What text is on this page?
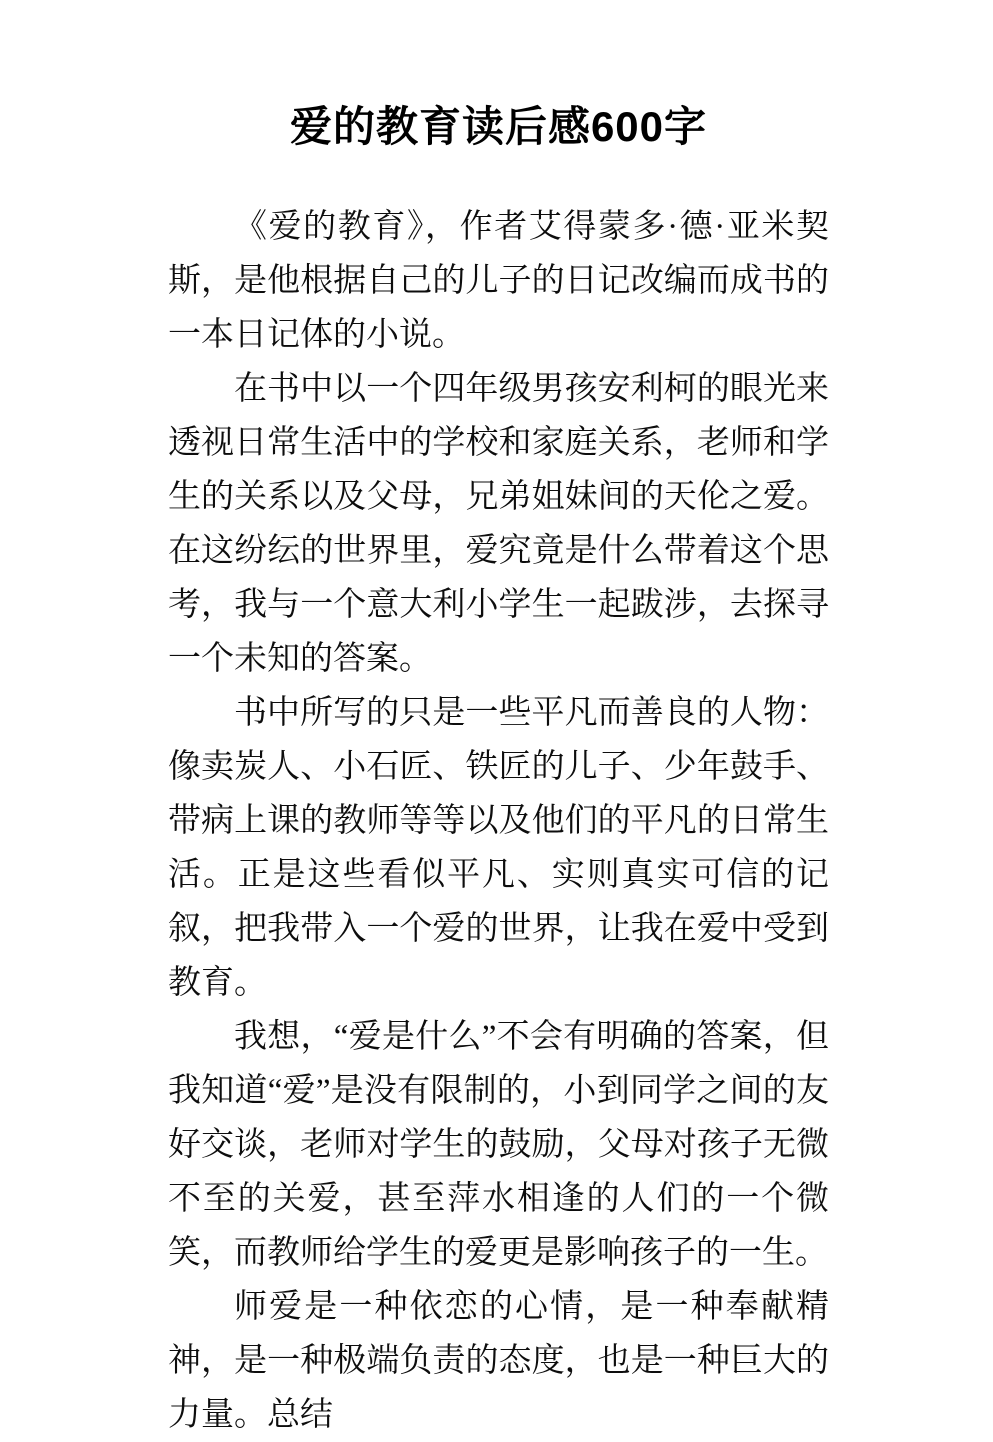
爱的教育读后感600字

《爱的教育》，作者艾得蒙多·德·亚米契斯，是他根据自己的儿子的日记改编而成书的一本日记体的小说。

在书中以一个四年级男孩安利柯的眼光来透视日常生活中的学校和家庭关系，老师和学生的关系以及父母，兄弟姐妹间的天伦之爱。在这纷纭的世界里，爱究竟是什么带着这个思考，我与一个意大利小学生一起跋涉，去探寻一个未知的答案。

书中所写的只是一些平凡而善良的人物：像卖炭人、小石匠、铁匠的儿子、少年鼓手、带病上课的教师等等以及他们的平凡的日常生活。正是这些看似平凡、实则真实可信的记叙，把我带入一个爱的世界，让我在爱中受到教育。

我想，“爱是什么”不会有明确的答案，但我知道“爱”是没有限制的，小到同学之间的友好交谈，老师对学生的鼓励，父母对孩子无微不至的关爱，甚至萍水相逢的人们的一个微笑，而教师给学生的爱更是影响孩子的一生。

师爱是一种依恋的心情，是一种奉献精神，是一种极端负责的态度，也是一种巨大的力量。总结
